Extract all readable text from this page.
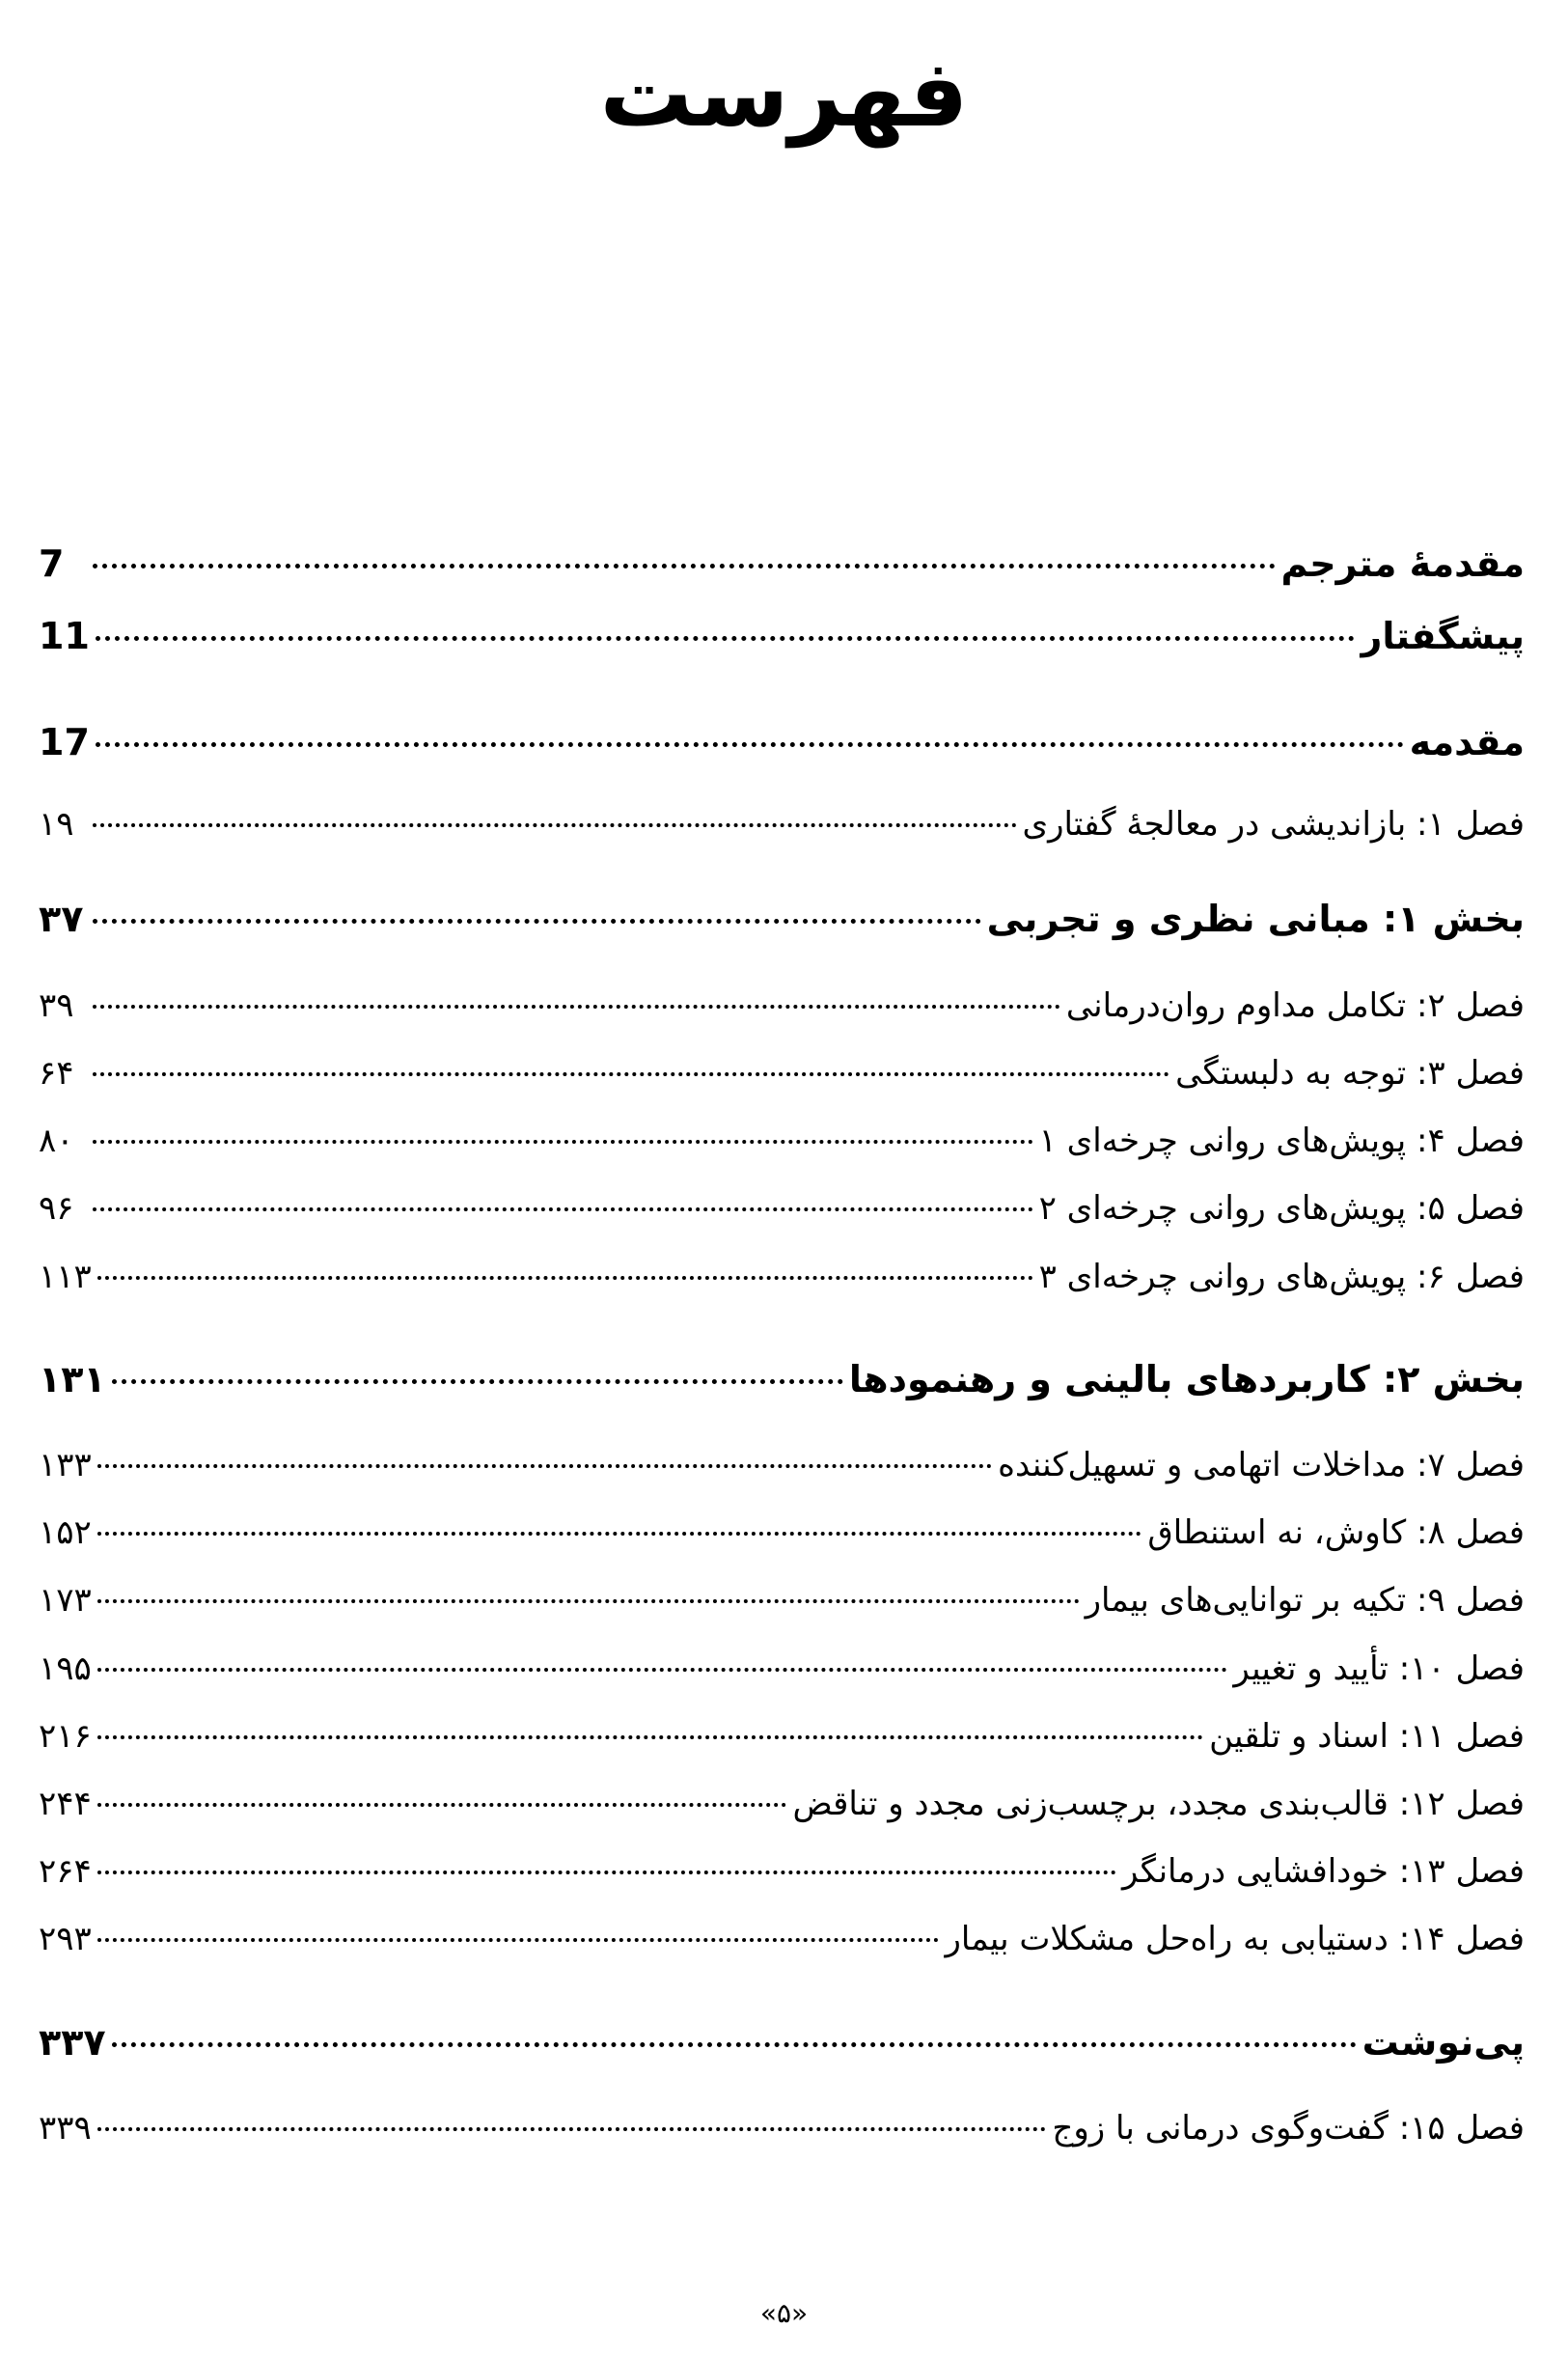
فهرست
مقدمهٔ مترجم
7
پیشگفتار
11
مقدمه
17
فصل ۱: بازاندیشی در معالجهٔ گفتاری
۱۹
بخش ۱: مبانی نظری و تجربی
۳۷
فصل ۲: تکامل مداوم روان‌درمانی
۳۹
فصل ۳: توجه به دلبستگی
۶۴
فصل ۴: پویش‌های روانی چرخه‌ای ۱
۸۰
فصل ۵: پویش‌های روانی چرخه‌ای ۲
۹۶
فصل ۶: پویش‌های روانی چرخه‌ای ۳
۱۱۳
بخش ۲: کاربردهای بالینی و رهنمودها
۱۳۱
فصل ۷: مداخلات اتهامی و تسهیل‌کننده
۱۳۳
فصل ۸: کاوش، نه استنطاق
۱۵۲
فصل ۹: تکیه بر توانایی‌های بیمار
۱۷۳
فصل ۱۰: تأیید و تغییر
۱۹۵
فصل ۱۱: اسناد و تلقین
۲۱۶
فصل ۱۲: قالب‌بندی مجدد، برچسب‌زنی مجدد و تناقض
۲۴۴
فصل ۱۳: خودافشایی درمانگر
۲۶۴
فصل ۱۴: دستیابی به راه‌حل مشکلات بیمار
۲۹۳
پی‌نوشت
۳۳۷
فصل ۱۵: گفت‌وگوی درمانی با زوج
۳۳۹
«۵»
